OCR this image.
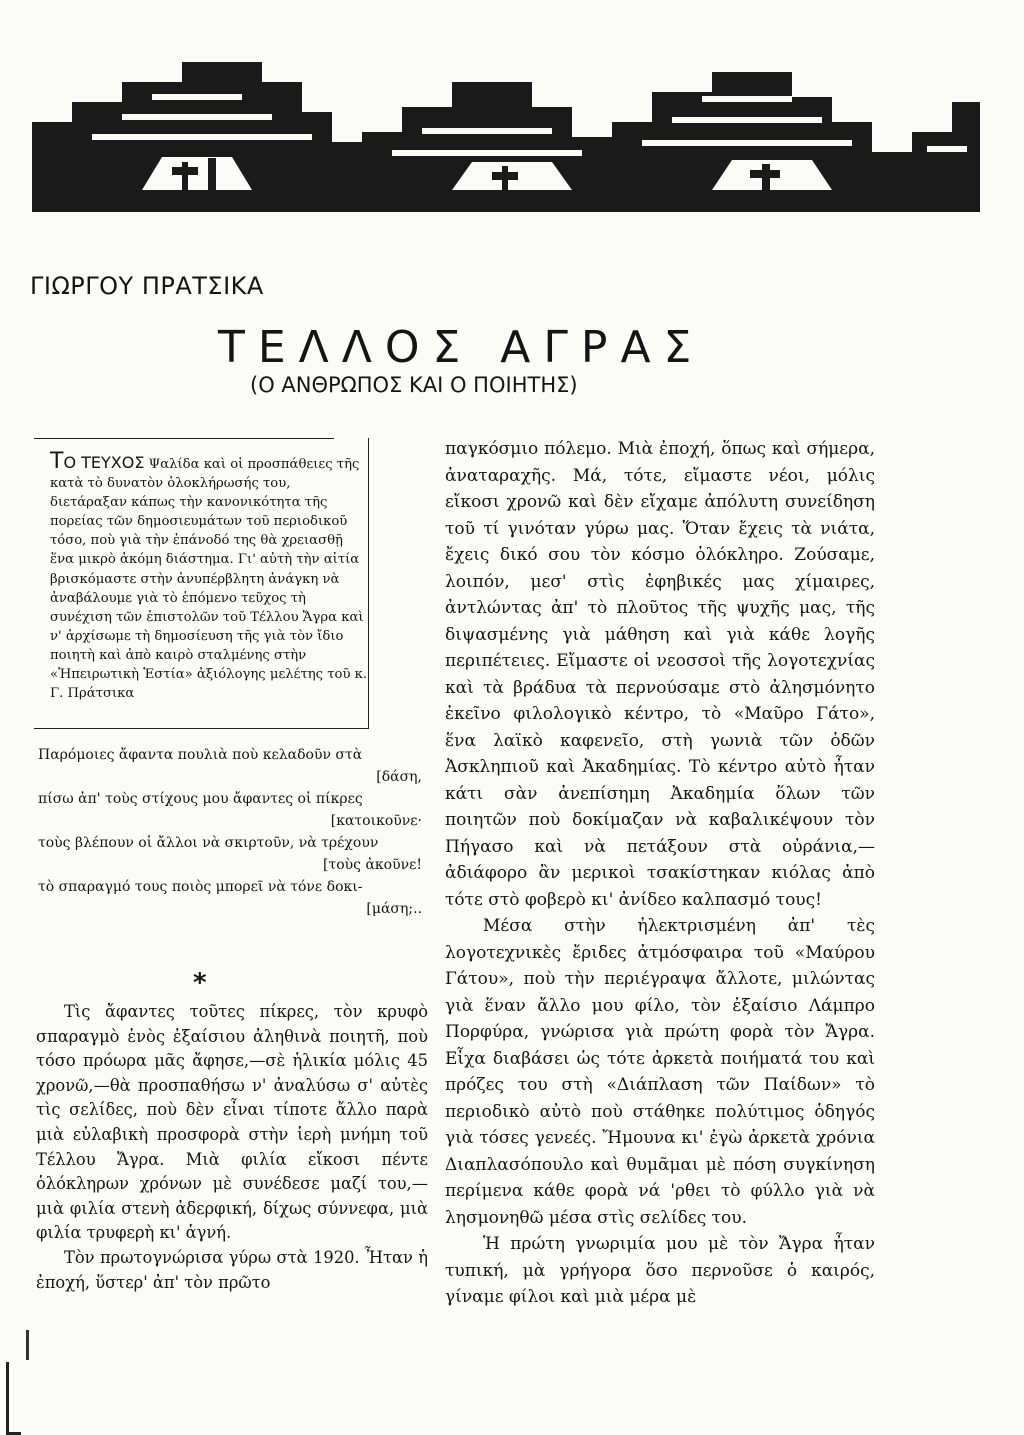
ΓΙΩΡΓΟΥ ΠΡΑΤΣΙΚΑ
ΤΕΛΛΟΣ ΑΓΡΑΣ
(Ο ΑΝΘΡΩΠΟΣ ΚΑΙ Ο ΠΟΙΗΤΗΣ)

ΤΟ ΤΕΥΧΟΣ Ψαλίδα καὶ οἱ προσπάθειες τῆς κατὰ τὸ δυνατὸν ὁλοκλήρωσής του, διετάραξαν κάπως τὴν κανονικότητα τῆς πορείας τῶν δημοσιευμάτων τοῦ περιοδικοῦ τόσο, ποὺ γιὰ τὴν ἐπάνοδό της θὰ χρειασθῇ ἕνα μικρὸ ἀκόμη διάστημα. Γι' αὐτὴ τὴν αἰτία βρισκόμαστε στὴν ἀνυπέρβλητη ἀνάγκη νὰ ἀναβάλουμε γιὰ τὸ ἑπόμενο τεῦχος τὴ συνέχιση τῶν ἐπιστολῶν τοῦ Τέλλου Ἄγρα καὶ ν' ἀρχίσωμε τὴ δημοσίευση τῆς γιὰ τὸν ἴδιο ποιητὴ καὶ ἀπὸ καιρὸ σταλμένης στὴν «Ἠπειρωτικὴ Ἑστία» ἀξιόλογης μελέτης τοῦ κ. Γ. Πράτσικα

Παρόμοιες ἄφαντα πουλιὰ ποὺ κελαδοῦν στὰ
[δάση,
πίσω ἀπ' τοὺς στίχους μου ἄφαντες οἱ πίκρες
[κατοικοῦνε·
τοὺς βλέπουν οἱ ἄλλοι νὰ σκιρτοῦν, νὰ τρέχουν
[τοὺς ἀκοῦνε!
τὸ σπαραγμό τους ποιὸς μπορεῖ νὰ τόνε δοκι-
[μάση;..
*

Τὶς ἄφαντες τοῦτες πίκρες, τὸν κρυφὸ σπαραγμὸ ἑνὸς ἐξαίσιου ἀληθινὰ ποιητῆ, ποὺ τόσο πρόωρα μᾶς ἄφησε,—σὲ ἡλικία μόλις 45 χρονῶ,—θὰ προσπαθήσω ν' ἀναλύσω σ' αὐτὲς τὶς σελίδες, ποὺ δὲν εἶναι τίποτε ἄλλο παρὰ μιὰ εὐλαβικὴ προσφορὰ στὴν ἱερὴ μνήμη τοῦ Τέλλου Ἄγρα. Μιὰ φιλία εἴκοσι πέντε ὁλόκληρων χρόνων μὲ συνέδεσε μαζί του,—μιὰ φιλία στενὴ ἀδερφική, δίχως σύννεφα, μιὰ φιλία τρυφερὴ κι' ἁγνή.

Τὸν πρωτογνώρισα γύρω στὰ 1920. Ἦταν ἡ ἐποχή, ὕστερ' ἀπ' τὸν πρῶτο

παγκόσμιο πόλεμο. Μιὰ ἐποχή, ὅπως καὶ σήμερα, ἀναταραχῆς. Μά, τότε, εἴμαστε νέοι, μόλις εἴκοσι χρονῶ καὶ δὲν εἴχαμε ἀπόλυτη συνείδηση τοῦ τί γινόταν γύρω μας. Ὅταν ἔχεις τὰ νιάτα, ἔχεις δικό σου τὸν κόσμο ὁλόκληρο. Ζούσαμε, λοιπόν, μεσ' στὶς ἐφηβικές μας χίμαιρες, ἀντλώντας ἀπ' τὸ πλοῦτος τῆς ψυχῆς μας, τῆς διψασμένης γιὰ μάθηση καὶ γιὰ κάθε λογῆς περιπέτειες. Εἴμαστε οἱ νεοσσοὶ τῆς λογοτεχνίας καὶ τὰ βράδυα τὰ περνούσαμε στὸ ἀλησμόνητο ἐκεῖνο φιλολογικὸ κέντρο, τὸ «Μαῦρο Γάτο», ἕνα λαϊκὸ καφενεῖο, στὴ γωνιὰ τῶν ὁδῶν Ἀσκληπιοῦ καὶ Ἀκαδημίας. Τὸ κέντρο αὐτὸ ἦταν κάτι σὰν ἀνεπίσημη Ἀκαδημία ὅλων τῶν ποιητῶν ποὺ δοκίμαζαν νὰ καβαλικέψουν τὸν Πήγασο καὶ νὰ πετάξουν στὰ οὐράνια,—ἀδιάφορο ἂν μερικοὶ τσακίστηκαν κιόλας ἀπὸ τότε στὸ φοβερὸ κι' ἀνίδεο καλπασμό τους!

Μέσα στὴν ἠλεκτρισμένη ἀπ' τὲς λογοτεχνικὲς ἔριδες ἀτμόσφαιρα τοῦ «Μαύρου Γάτου», ποὺ τὴν περιέγραψα ἄλλοτε, μιλώντας γιὰ ἕναν ἄλλο μου φίλο, τὸν ἐξαίσιο Λάμπρο Πορφύρα, γνώρισα γιὰ πρώτη φορὰ τὸν Ἄγρα. Εἶχα διαβάσει ὡς τότε ἀρκετὰ ποιήματά του καὶ πρόζες του στὴ «Διάπλαση τῶν Παίδων» τὸ περιοδικὸ αὐτὸ ποὺ στάθηκε πολύτιμος ὁδηγός γιὰ τόσες γενεές. Ἤμουνα κι' ἐγὼ ἀρκετὰ χρόνια Διαπλασόπουλο καὶ θυμᾶμαι μὲ πόση συγκίνηση περίμενα κάθε φορὰ νά 'ρθει τὸ φύλλο γιὰ νὰ λησμονηθῶ μέσα στὶς σελίδες του.

Ἡ πρώτη γνωριμία μου μὲ τὸν Ἄγρα ἦταν τυπική, μὰ γρήγορα ὅσο περνοῦσε ὁ καιρός, γίναμε φίλοι καὶ μιὰ μέρα μὲ
